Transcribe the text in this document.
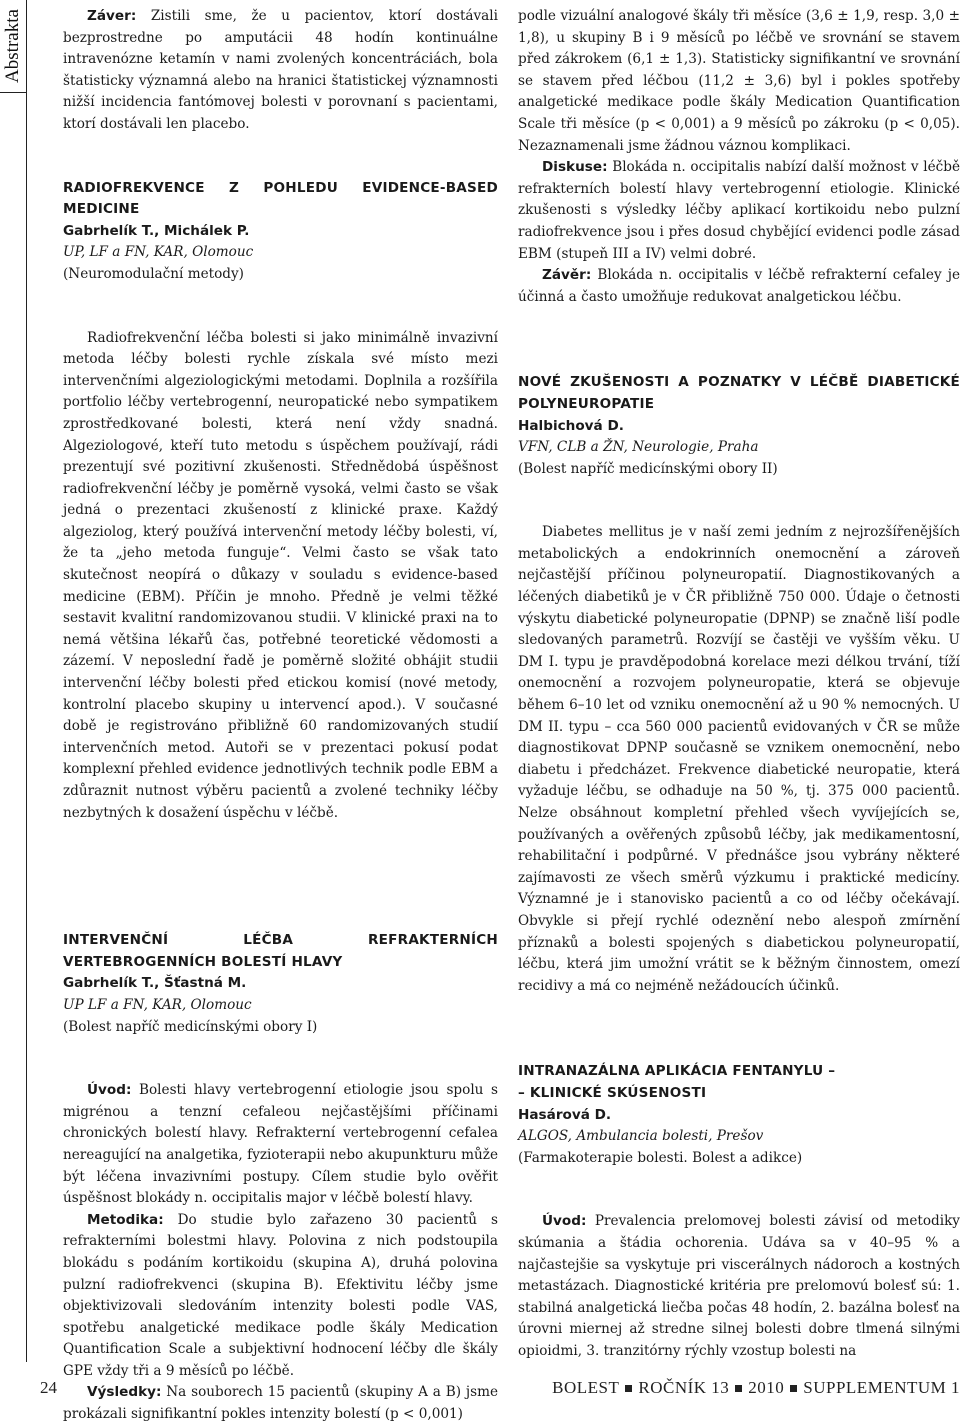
Abstrakta	Záver: Zistili sme, že u pacientov, ktorí dostávali bezprostredne po amputácii 48 hodín kontinuálne intravenózne ketamín v nami zvolených koncentráciách, bola štatisticky významná alebo na hranici štatistickej významnosti nižší incidencia fantómovej bolesti v porovnaní s pacientami, ktorí dostávali len placebo.

RADIOFREKVENCE Z POHLEDU EVIDENCE-BASED MEDICINE
Gabrhelík T., Michálek P.
UP, LF a FN, KAR, Olomouc
(Neuromodulační metody)

Radiofrekvenční léčba bolesti si jako minimálně invazivní metoda léčby bolesti rychle získala své místo mezi intervenčními algeziologickými metodami. Doplnila a rozšířila portfolio léčby vertebrogenní, neuropatické nebo sympatikem zprostředkované bolesti, která není vždy snadná. Algeziologové, kteří tuto metodu s úspěchem používají, rádi prezentují své pozitivní zkušenosti. Střednědobá úspěšnost radiofrekvenční léčby je poměrně vysoká, velmi často se však jedná o prezentaci zkušeností z klinické praxe. Každý algeziolog, který používá intervenční metody léčby bolesti, ví, že ta „jeho metoda funguje“. Velmi často se však tato skutečnost neopírá o důkazy v souladu s evidence-based medicine (EBM). Příčin je mnoho. Předně je velmi těžké sestavit kvalitní randomizovanou studii. V klinické praxi na to nemá většina lékařů čas, potřebné teoretické vědomosti a zázemí. V neposlední řadě je poměrně složité obhájit studii intervenční léčby bolesti před etickou komisí (nové metody, kontrolní placebo skupiny u intervencí apod.). V současné době je registrováno přibližně 60 randomizovaných studií intervenčních metod. Autoři se v prezentaci pokusí podat komplexní přehled evidence jednotlivých technik podle EBM a zdůraznit nutnost výběru pacientů a zvolené techniky léčby nezbytných k dosažení úspěchu v léčbě.

INTERVENČNÍ LÉČBA REFRAKTERNÍCH VERTEBROGENNÍCH BOLESTÍ HLAVY
Gabrhelík T., Šťastná M.
UP LF a FN, KAR, Olomouc
(Bolest napříč medicínskými obory I)

Úvod: Bolesti hlavy vertebrogenní etiologie jsou spolu s migrénou a tenzní cefaleou nejčastějšími příčinami chronických bolestí hlavy. Refrakterní vertebrogenní cefalea nereagující na analgetika, fyzioterapii nebo akupunkturu může být léčena invazivními postupy. Cílem studie bylo ověřit úspěšnost blokády n. occipitalis major v léčbě bolestí hlavy.

Metodika: Do studie bylo zařazeno 30 pacientů s refrakterními bolestmi hlavy. Polovina z nich podstoupila blokádu s podáním kortikoidu (skupina A), druhá polovina pulzní radiofrekvenci (skupina B). Efektivitu léčby jsme objektivizovali sledováním intenzity bolesti podle VAS, spotřebu analgetické medikace podle škály Medication Quantification Scale a subjektivní hodnocení léčby dle škály GPE vždy tři a 9 měsíců po léčbě.

Výsledky: Na souborech 15 pacientů (skupiny A a B) jsme prokázali signifikantní pokles intenzity bolestí (p < 0,001)

podle vizuální analogové škály tři měsíce (3,6 ± 1,9, resp. 3,0 ± 1,8), u skupiny B i 9 měsíců po léčbě ve srovnání se stavem před zákrokem (6,1 ± 1,3). Statisticky signifikantní ve srovnání se stavem před léčbou (11,2 ± 3,6) byl i pokles spotřeby analgetické medikace podle škály Medication Quantification Scale tři měsíce (p < 0,001) a 9 měsíců po zákroku (p < 0,05). Nezaznamenali jsme žádnou váznou komplikaci.

Diskuse: Blokáda n. occipitalis nabízí další možnost v léčbě refrakterních bolestí hlavy vertebrogenní etiologie. Klinické zkušenosti s výsledky léčby aplikací kortikoidu nebo pulzní radiofrekvence jsou i přes dosud chybějící evidenci podle zásad EBM (stupeň III a IV) velmi dobré.

Závěr: Blokáda n. occipitalis v léčbě refrakterní cefaley je účinná a často umožňuje redukovat analgetickou léčbu.

NOVÉ ZKUŠENOSTI A POZNATKY V LÉČBĚ DIABETICKÉ POLYNEUROPATIE
Halbichová D.
VFN, CLB a ŽN, Neurologie, Praha
(Bolest napříč medicínskými obory II)

Diabetes mellitus je v naší zemi jedním z nejrozšířenějších metabolických a endokrinních onemocnění a zároveň nejčastější příčinou polyneuropatií. Diagnostikovaných a léčených diabetiků je v ČR přibližně 750 000. Údaje o četnosti výskytu diabetické polyneuropatie (DPNP) se značně liší podle sledovaných parametrů. Rozvíjí se častěji ve vyšším věku. U DM I. typu je pravděpodobná korelace mezi délkou trvání, tíží onemocnění a rozvojem polyneuropatie, která se objevuje během 6–10 let od vzniku onemocnění až u 90 % nemocných. U DM II. typu – cca 560 000 pacientů evidovaných v ČR se může diagnostikovat DPNP současně se vznikem onemocnění, nebo diabetu i předcházet. Frekvence diabetické neuropatie, která vyžaduje léčbu, se odhaduje na 50 %, tj. 375 000 pacientů. Nelze obsáhnout kompletní přehled všech vyvíjejících se, používaných a ověřených způsobů léčby, jak medikamentosní, rehabilitační i podpůrné. V přednášce jsou vybrány některé zajímavosti ze všech směrů výzkumu i praktické medicíny. Významné je i stanovisko pacientů a co od léčby očekávají. Obvykle si přejí rychlé odeznění nebo alespoň zmírnění příznaků a bolesti spojených s diabetickou polyneuropatií, léčbu, která jim umožní vrátit se k běžným činnostem, omezí recidivy a má co nejméně nežádoucích účinků.

INTRANAZÁLNA APLIKÁCIA FENTANYLU –
– KLINICKÉ SKÚSENOSTI
Hasárová D.
ALGOS, Ambulancia bolesti, Prešov
(Farmakoterapie bolesti. Bolest a adikce)

Úvod: Prevalencia prelomovej bolesti závisí od metodiky skúmania a štádia ochorenia. Udáva sa v 40–95 % a najčastejšie sa vyskytuje pri viscerálnych nádoroch a kostných metastázach. Diagnostické kritéria pre prelomovú bolesť sú: 1. stabilná analgetická liečba počas 48 hodín, 2. bazálna bolesť na úrovni miernej až stredne silnej bolesti dobre tlmená silnými opioidmi, 3. tranzitórny rýchly vzostup bolesti na

24	BOLEST ROČNÍK 13 2010 SUPPLEMENTUM 1
